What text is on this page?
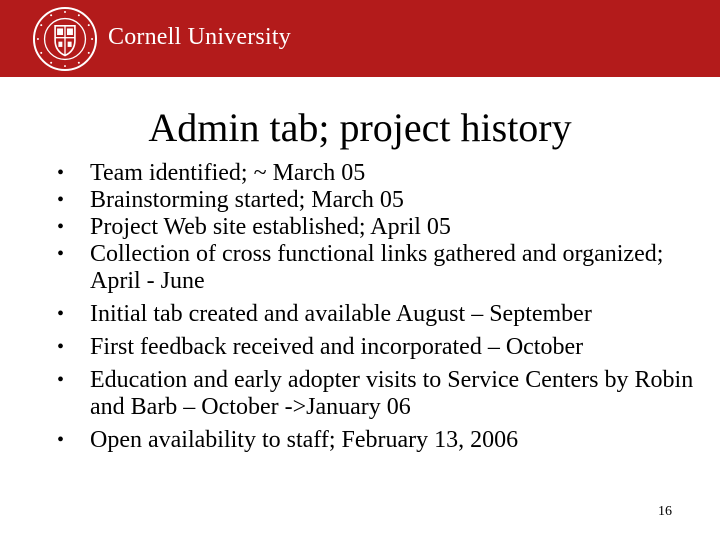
Cornell University
Admin tab; project history
• Team identified; ~ March 05
• Brainstorming started; March 05
• Project Web site established; April 05
• Collection of cross functional links gathered and organized; April - June
• Initial tab created and available August – September
• First feedback received and incorporated – October
• Education and early adopter visits to Service Centers by Robin and Barb – October ->January 06
• Open availability to staff; February 13, 2006
16
